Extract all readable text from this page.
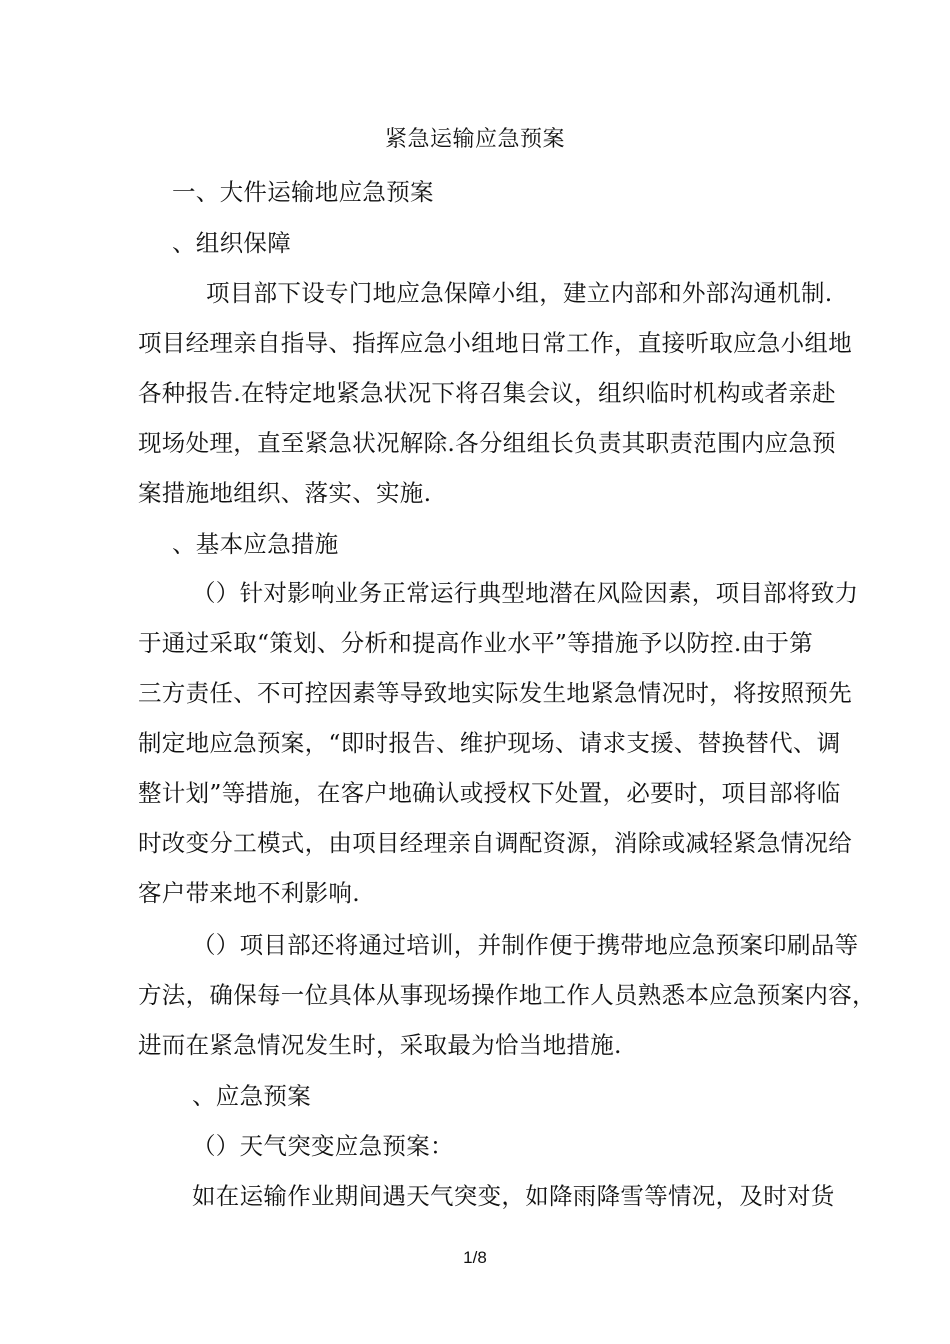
紧急运输应急预案
一、大件运输地应急预案
、组织保障
项目部下设专门地应急保障小组，建立内部和外部沟通机制.
项目经理亲自指导、指挥应急小组地日常工作，直接听取应急小组地
各种报告.在特定地紧急状况下将召集会议，组织临时机构或者亲赴
现场处理，直至紧急状况解除.各分组组长负责其职责范围内应急预
案措施地组织、落实、实施.
、基本应急措施
（）针对影响业务正常运行典型地潜在风险因素，项目部将致力
于通过采取“策划、分析和提高作业水平”等措施予以防控.由于第
三方责任、不可控因素等导致地实际发生地紧急情况时，将按照预先
制定地应急预案，“即时报告、维护现场、请求支援、替换替代、调
整计划”等措施，在客户地确认或授权下处置，必要时，项目部将临
时改变分工模式，由项目经理亲自调配资源，消除或减轻紧急情况给
客户带来地不利影响.
（）项目部还将通过培训，并制作便于携带地应急预案印刷品等
方法，确保每一位具体从事现场操作地工作人员熟悉本应急预案内容，
进而在紧急情况发生时，采取最为恰当地措施.
、应急预案
（）天气突变应急预案：
如在运输作业期间遇天气突变，如降雨降雪等情况，及时对货
1/8
